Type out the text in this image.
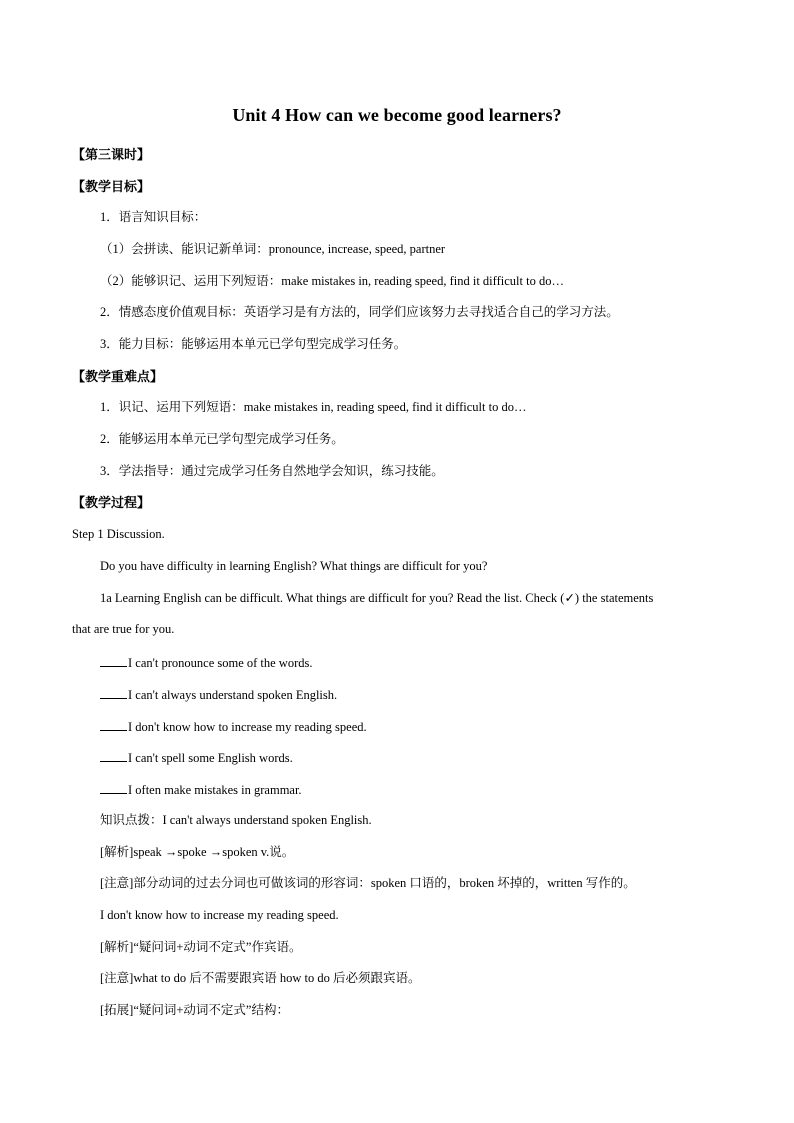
Unit 4 How can we become good learners?
【第三课时】
【教学目标】
1．语言知识目标：
（1）会拼读、能识记新单词：pronounce, increase, speed, partner
（2）能够识记、运用下列短语：make mistakes in, reading speed, find it difficult to do…
2．情感态度价值观目标：英语学习是有方法的，同学们应该努力去寻找适合自己的学习方法。
3．能力目标：能够运用本单元已学句型完成学习任务。
【教学重难点】
1．识记、运用下列短语：make mistakes in, reading speed, find it difficult to do…
2．能够运用本单元已学句型完成学习任务。
3．学法指导：通过完成学习任务自然地学会知识，练习技能。
【教学过程】
Step 1 Discussion.
Do you have difficulty in learning English? What things are difficult for you?
1a Learning English can be difficult. What things are difficult for you? Read the list. Check (✓) the statements
that are true for you.
I can't pronounce some of the words.
I can't always understand spoken English.
I don't know how to increase my reading speed.
I can't spell some English words.
I often make mistakes in grammar.
知识点拨：I can't always understand spoken English.
[解析]speak →spoke →spoken v.说。
[注意]部分动词的过去分词也可做该词的形容词：spoken 口语的，broken 坏掉的，written 写作的。
I don't know how to increase my reading speed.
[解析]“疑问词+动词不定式”作宾语。
[注意]what to do 后不需要跟宾语 how to do 后必须跟宾语。
[拓展]“疑问词+动词不定式”结构：
